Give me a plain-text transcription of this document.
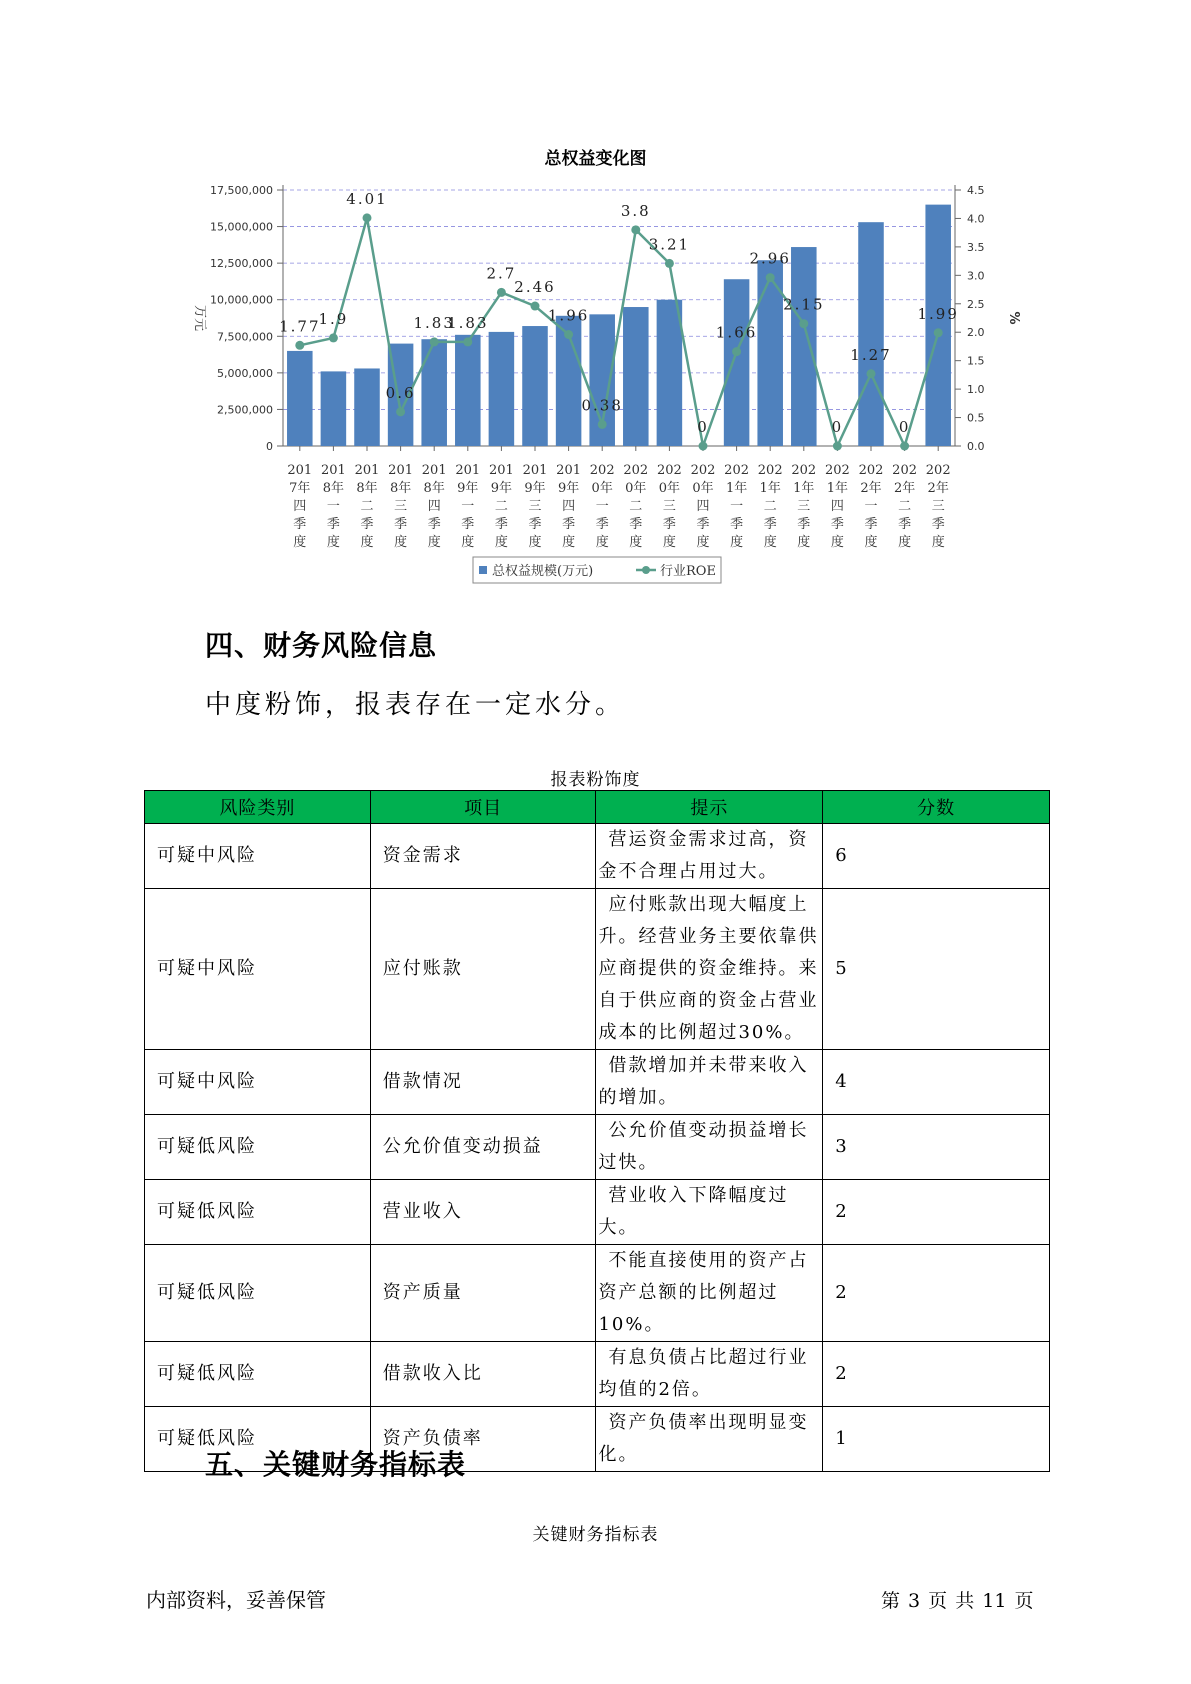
总权益变化图
0
2,500,000
5,000,000
7,500,000
10,000,000
12,500,000
15,000,000
17,500,000
0.0
0.5
1.0
1.5
2.0
2.5
3.0
3.5
4.0
4.5
万元	%
201
7年
四
季
度
201
8年
一
季
度
201
8年
二
季
度
201
8年
三
季
度
201
8年
四
季
度
201
9年
一
季
度
201
9年
二
季
度
201
9年
三
季
度
201
9年
四
季
度
202
0年
一
季
度
202
0年
二
季
度
202
0年
三
季
度
202
0年
四
季
度
202
1年
一
季
度
202
1年
二
季
度
202
1年
三
季
度
202
1年
四
季
度
202
2年
一
季
度
202
2年
二
季
度
202
2年
三
季
度
1.77
1.9
4.01
0.6
1.83
1.83
2.7
2.46
1.96
0.38
3.8
3.21
0
1.66
2.96
2.15
0
1.27
0
1.99
总权益规模(万元)	行业ROE
四、财务风险信息
中度粉饰，报表存在一定水分。
报表粉饰度
风险类别	项目	提示	分数
可疑中风险	资金需求	营运资金需求过高，资金不合理占用过大。	6
可疑中风险	应付账款	应付账款出现大幅度上升。经营业务主要依靠供应商提供的资金维持。来自于供应商的资金占营业成本的比例超过30%。	5
可疑中风险	借款情况	借款增加并未带来收入的增加。	4
可疑低风险	公允价值变动损益	公允价值变动损益增长过快。	3
可疑低风险	营业收入	营业收入下降幅度过大。	2
可疑低风险	资产质量	不能直接使用的资产占资产总额的比例超过10%。	2
可疑低风险	借款收入比	有息负债占比超过行业均值的2倍。	2
可疑低风险	资产负债率	资产负债率出现明显变化。	1
五、关键财务指标表
关键财务指标表
内部资料，妥善保管	第 3 页 共 11 页
